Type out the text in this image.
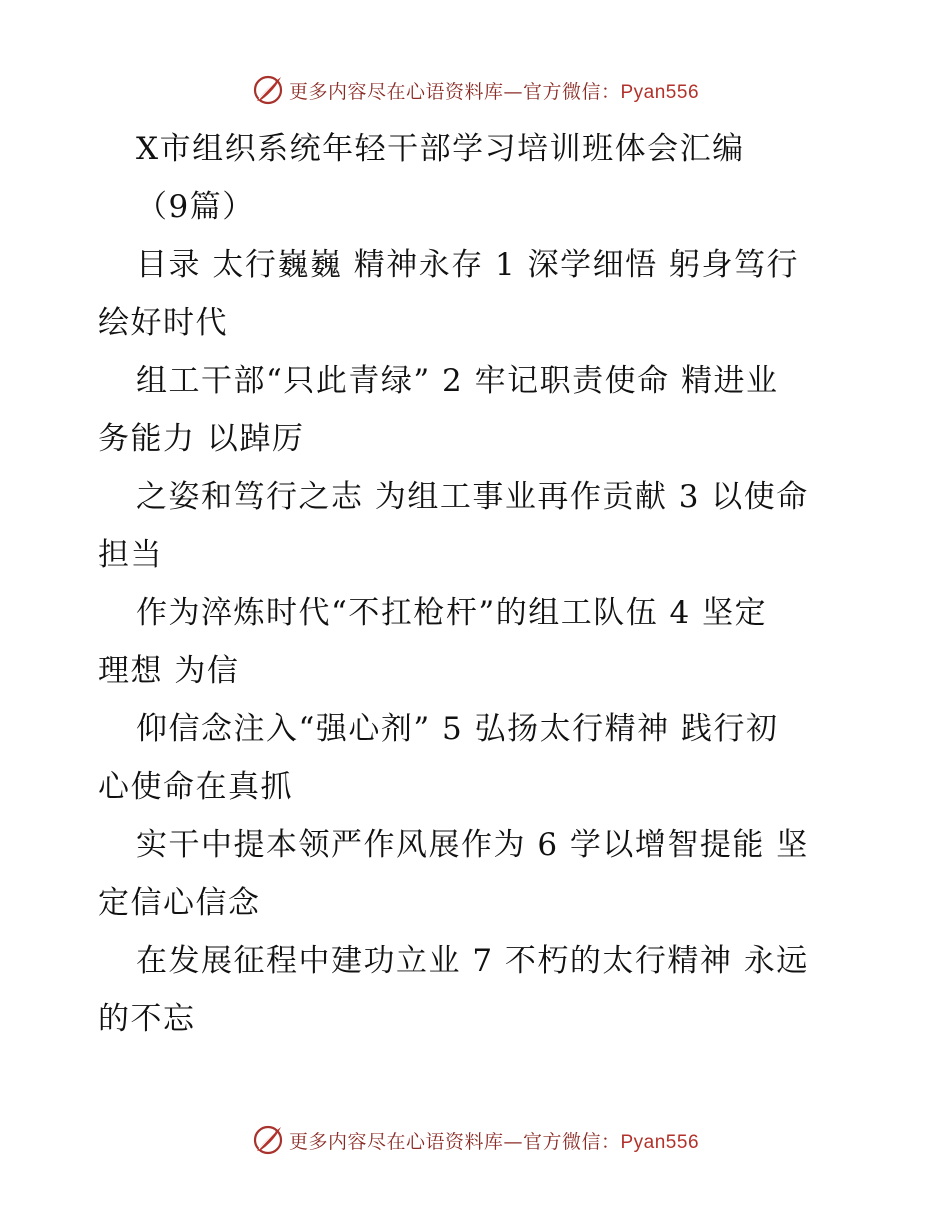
更多内容尽在心语资料库—官方微信：Pyan556
X市组织系统年轻干部学习培训班体会汇编
（9篇）
目录 太行巍巍 精神永存 1 深学细悟 躬身笃行
绘好时代
组工干部“只此青绿” 2 牢记职责使命 精进业
务能力 以踔厉
之姿和笃行之志 为组工事业再作贡献 3 以使命
担当
作为淬炼时代“不扛枪杆”的组工队伍 4 坚定
理想 为信
仰信念注入“强心剂” 5 弘扬太行精神 践行初
心使命在真抓
实干中提本领严作风展作为 6 学以增智提能 坚
定信心信念
在发展征程中建功立业 7 不朽的太行精神 永远
的不忘
更多内容尽在心语资料库—官方微信：Pyan556
